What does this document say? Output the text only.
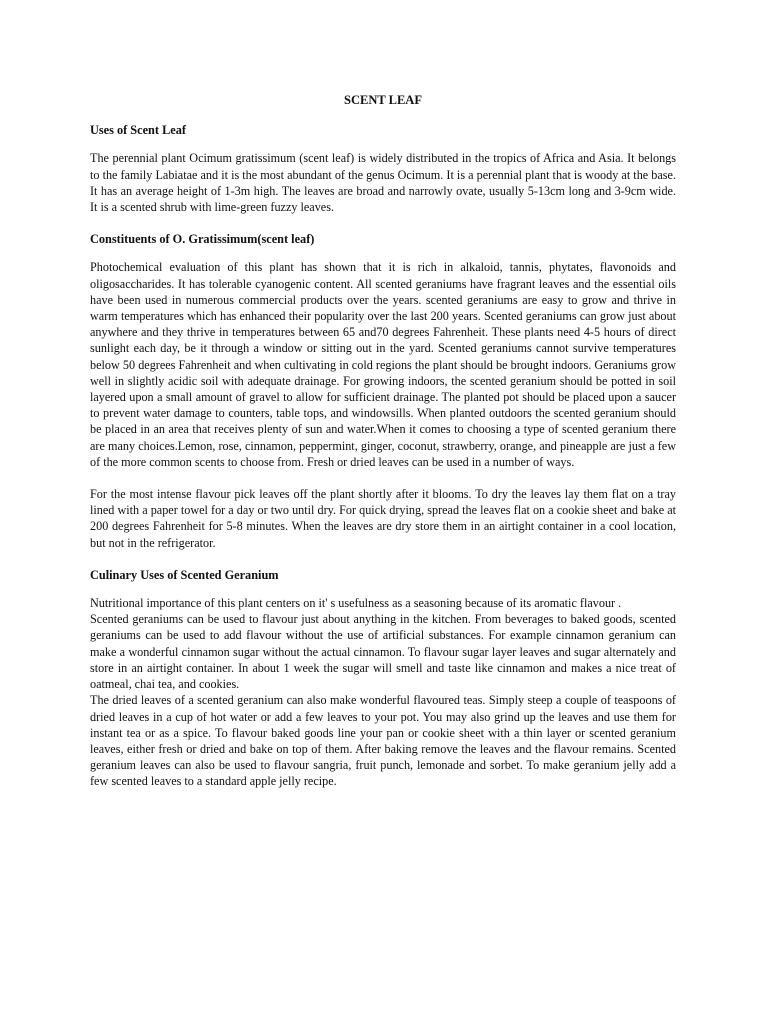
SCENT LEAF
Uses of Scent Leaf
The perennial plant Ocimum gratissimum (scent leaf) is widely distributed in the tropics of Africa and Asia. It belongs to the family Labiatae and it is the most abundant of the genus Ocimum. It is a perennial plant that is woody at the base. It has an average height of 1-3m high. The leaves are broad and narrowly ovate, usually 5-13cm long and 3-9cm wide. It is a scented shrub with lime-green fuzzy leaves.
Constituents of O. Gratissimum(scent leaf)
Photochemical evaluation of this plant has shown that it is rich in alkaloid, tannis, phytates, flavonoids and oligosaccharides. It has tolerable cyanogenic content. All scented geraniums have fragrant leaves and the essential oils have been used in numerous commercial products over the years. scented geraniums are easy to grow and thrive in warm temperatures which has enhanced their popularity over the last 200 years. Scented geraniums can grow just about anywhere and they thrive in temperatures between 65 and70 degrees Fahrenheit. These plants need 4-5 hours of direct sunlight each day, be it through a window or sitting out in the yard. Scented geraniums cannot survive temperatures below 50 degrees Fahrenheit and when cultivating in cold regions the plant should be brought indoors. Geraniums grow well in slightly acidic soil with adequate drainage. For growing indoors, the scented geranium should be potted in soil layered upon a small amount of gravel to allow for sufficient drainage. The planted pot should be placed upon a saucer to prevent water damage to counters, table tops, and windowsills. When planted outdoors the scented geranium should be placed in an area that receives plenty of sun and water.When it comes to choosing a type of scented geranium there are many choices.Lemon, rose, cinnamon, peppermint, ginger, coconut, strawberry, orange, and pineapple are just a few of the more common scents to choose from. Fresh or dried leaves can be used in a number of ways.
For the most intense flavour pick leaves off the plant shortly after it blooms. To dry the leaves lay them flat on a tray lined with a paper towel for a day or two until dry. For quick drying, spread the leaves flat on a cookie sheet and bake at 200 degrees Fahrenheit for 5-8 minutes. When the leaves are dry store them in an airtight container in a cool location, but not in the refrigerator.
Culinary Uses of Scented Geranium
Nutritional importance of this plant centers on it' s usefulness as a seasoning because of its aromatic flavour .
Scented geraniums can be used to flavour just about anything in the kitchen. From beverages to baked goods, scented geraniums can be used to add flavour without the use of artificial substances. For example cinnamon geranium can make a wonderful cinnamon sugar without the actual cinnamon. To flavour sugar layer leaves and sugar alternately and store in an airtight container. In about 1 week the sugar will smell and taste like cinnamon and makes a nice treat of oatmeal, chai tea, and cookies.
The dried leaves of a scented geranium can also make wonderful flavoured teas. Simply steep a couple of teaspoons of dried leaves in a cup of hot water or add a few leaves to your pot. You may also grind up the leaves and use them for instant tea or as a spice. To flavour baked goods line your pan or cookie sheet with a thin layer or scented geranium leaves, either fresh or dried and bake on top of them. After baking remove the leaves and the flavour remains. Scented geranium leaves can also be used to flavour sangria, fruit punch, lemonade and sorbet. To make geranium jelly add a few scented leaves to a standard apple jelly recipe.
